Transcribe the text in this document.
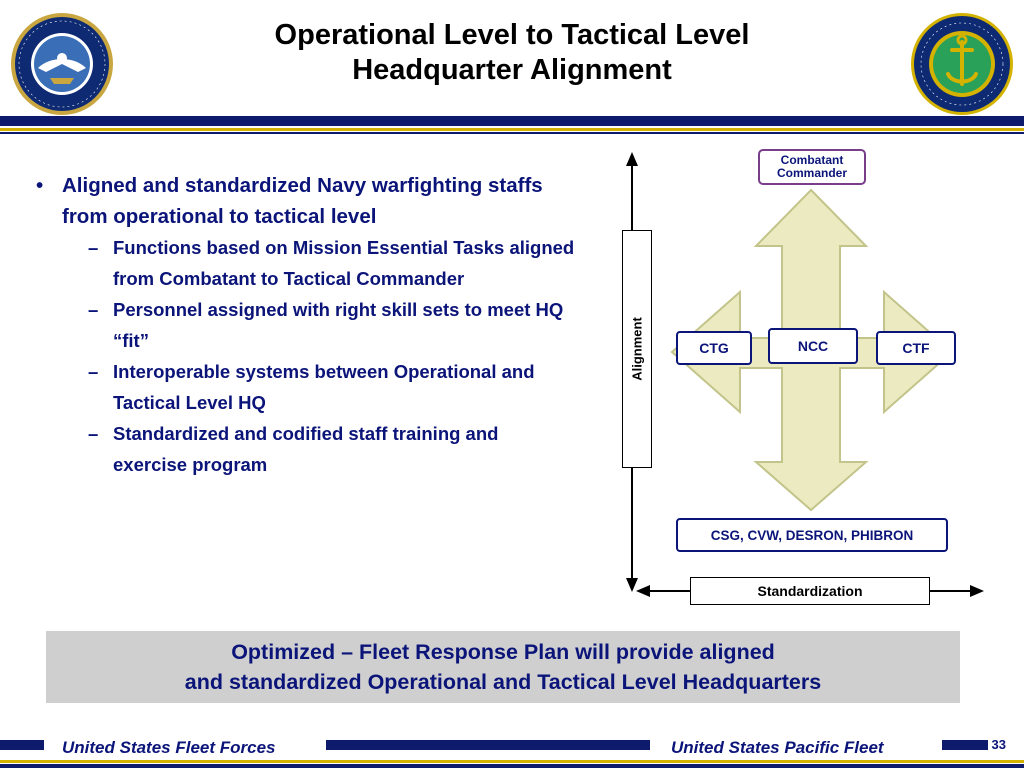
Operational Level to Tactical Level
Headquarter Alignment
• Aligned and standardized Navy warfighting staffs from operational to tactical level
– Functions based on Mission Essential Tasks aligned from Combatant to Tactical Commander
– Personnel assigned with right skill sets to meet HQ “fit”
– Interoperable systems between Operational and Tactical Level HQ
– Standardized and codified staff training and exercise program
Alignment
Standardization
Combatant
Commander
CTG	NCC	CTF
CSG, CVW, DESRON, PHIBRON
Optimized – Fleet Response Plan will provide aligned
and standardized Operational and Tactical Level Headquarters
United States Fleet Forces	United States Pacific Fleet	33
